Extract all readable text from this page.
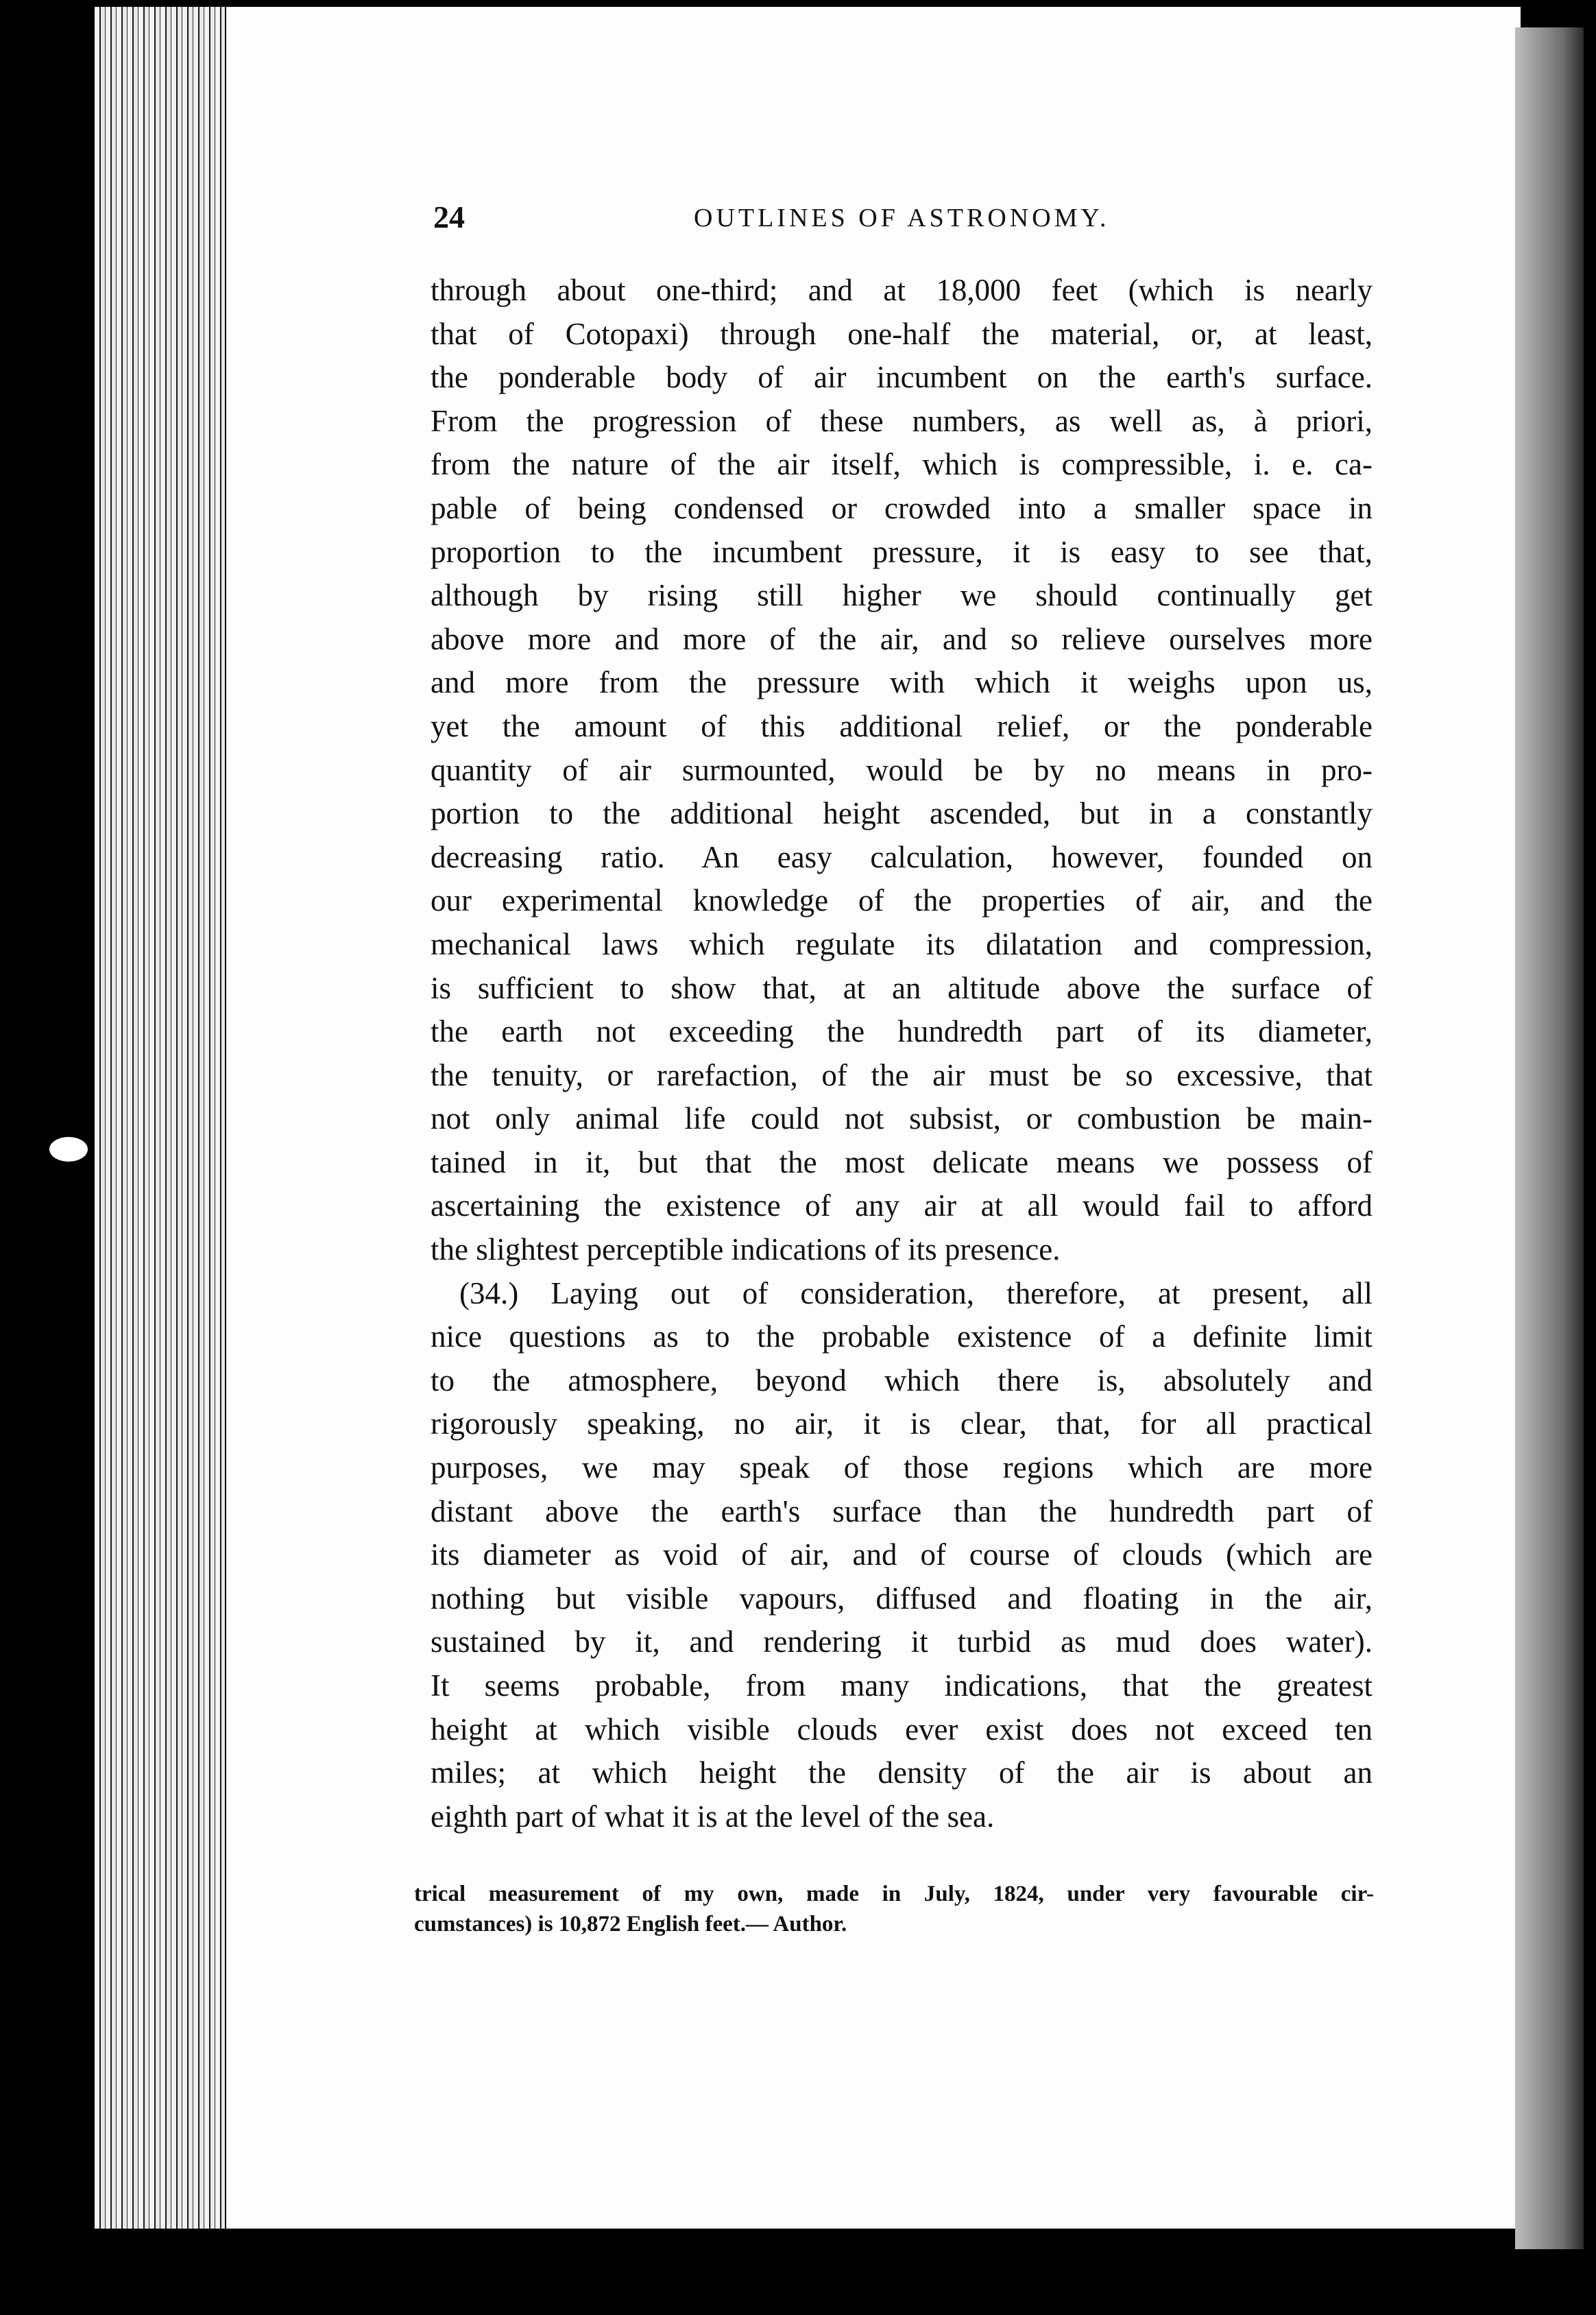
24	OUTLINES OF ASTRONOMY.
through about one-third; and at 18,000 feet (which is nearly
that of Cotopaxi) through one-half the material, or, at least,
the ponderable body of air incumbent on the earth's surface.
From the progression of these numbers, as well as, à priori,
from the nature of the air itself, which is compressible, i. e. ca-
pable of being condensed or crowded into a smaller space in
proportion to the incumbent pressure, it is easy to see that,
although by rising still higher we should continually get
above more and more of the air, and so relieve ourselves more
and more from the pressure with which it weighs upon us,
yet the amount of this additional relief, or the ponderable
quantity of air surmounted, would be by no means in pro-
portion to the additional height ascended, but in a constantly
decreasing ratio. An easy calculation, however, founded on
our experimental knowledge of the properties of air, and the
mechanical laws which regulate its dilatation and compression,
is sufficient to show that, at an altitude above the surface of
the earth not exceeding the hundredth part of its diameter,
the tenuity, or rarefaction, of the air must be so excessive, that
not only animal life could not subsist, or combustion be main-
tained in it, but that the most delicate means we possess of
ascertaining the existence of any air at all would fail to afford
the slightest perceptible indications of its presence.
(34.) Laying out of consideration, therefore, at present, all
nice questions as to the probable existence of a definite limit
to the atmosphere, beyond which there is, absolutely and
rigorously speaking, no air, it is clear, that, for all practical
purposes, we may speak of those regions which are more
distant above the earth's surface than the hundredth part of
its diameter as void of air, and of course of clouds (which are
nothing but visible vapours, diffused and floating in the air,
sustained by it, and rendering it turbid as mud does water).
It seems probable, from many indications, that the greatest
height at which visible clouds ever exist does not exceed ten
miles; at which height the density of the air is about an
eighth part of what it is at the level of the sea.
trical measurement of my own, made in July, 1824, under very favourable cir-
cumstances) is 10,872 English feet.— Author.
